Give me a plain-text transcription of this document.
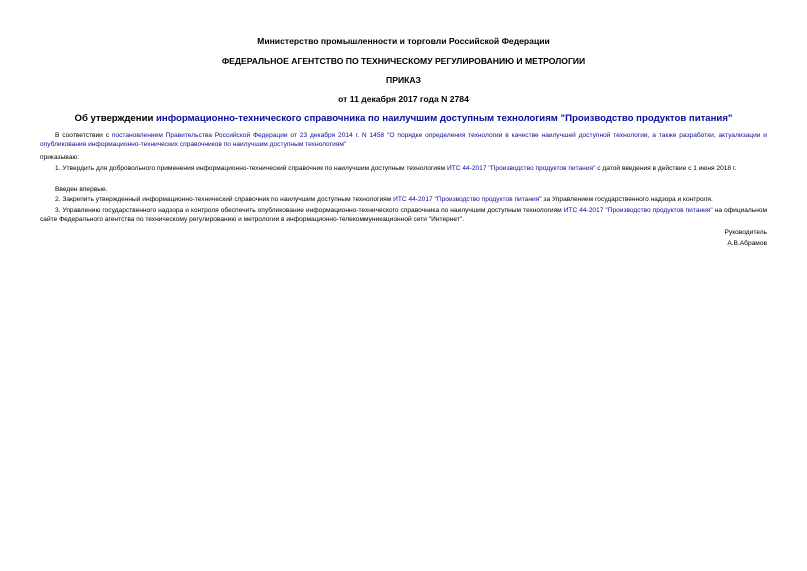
Министерство промышленности и торговли Российской Федерации
ФЕДЕРАЛЬНОЕ АГЕНТСТВО ПО ТЕХНИЧЕСКОМУ РЕГУЛИРОВАНИЮ И МЕТРОЛОГИИ
ПРИКАЗ
от 11 декабря 2017 года N 2784
Об утверждении информационно-технического справочника по наилучшим доступным технологиям "Производство продуктов питания"
В соответствии с постановлением Правительства Российской Федерации от 23 декабря 2014 г. N 1458 "О порядке определения технологии в качестве наилучшей доступной технологии, а также разработки, актуализации и опубликования информационно-технических справочников по наилучшим доступным технологиям"
приказываю:
1. Утвердить для добровольного применения информационно-технический справочник по наилучшим доступным технологиям ИТС 44-2017 "Производство продуктов питания" с датой введения в действие с 1 июня 2018 г.
Введен впервые.
2. Закрепить утвержденный информационно-технический справочник по наилучшим доступным технологиям ИТС 44-2017 "Производство продуктов питания" за Управлением государственного надзора и контроля.
3. Управлению государственного надзора и контроля обеспечить опубликование информационно-технического справочника по наилучшим доступным технологиям ИТС 44-2017 "Производство продуктов питания" на официальном сайте Федерального агентства по техническому регулированию и метрологии в информационно-телекоммуникационной сети "Интернет".
Руководитель
А.В.Абрамов
